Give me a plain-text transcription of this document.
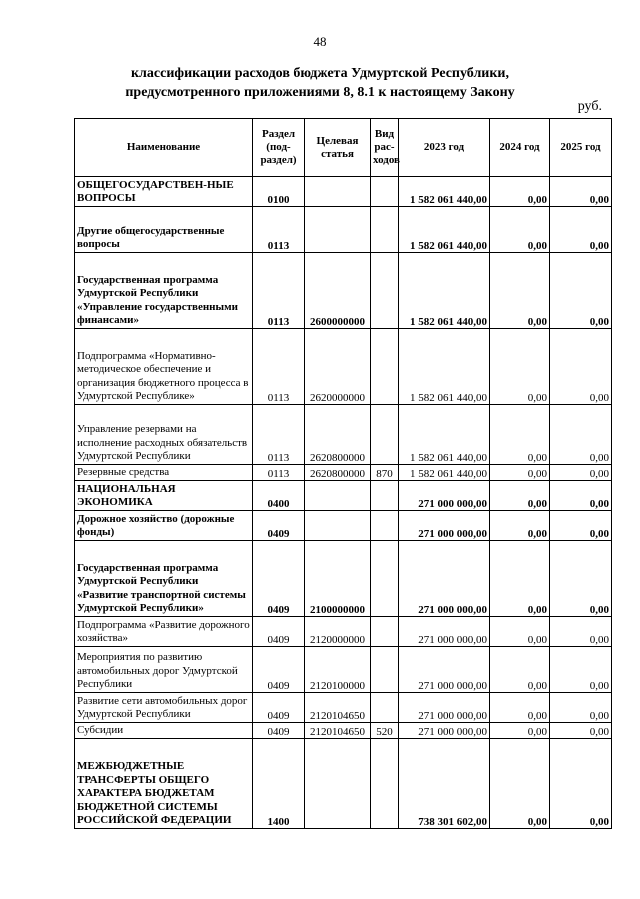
48
классификации расходов бюджета Удмуртской Республики,
предусмотренного приложениями 8, 8.1 к настоящему Закону
руб.
Наименование	Раздел (под-раздел)	Целевая статья	Вид рас-ходов	2023 год	2024 год	2025 год
ОБЩЕГОСУДАРСТВЕН-НЫЕ ВОПРОСЫ	0100			1 582 061 440,00	0,00	0,00
Другие общегосударственные вопросы	0113			1 582 061 440,00	0,00	0,00
Государственная программа Удмуртской Республики «Управление государственными финансами»	0113	2600000000		1 582 061 440,00	0,00	0,00
Подпрограмма «Нормативно-методическое обеспечение и организация бюджетного процесса в Удмуртской Республике»	0113	2620000000		1 582 061 440,00	0,00	0,00
Управление резервами на исполнение расходных обязательств Удмуртской Республики	0113	2620800000		1 582 061 440,00	0,00	0,00
Резервные средства	0113	2620800000	870	1 582 061 440,00	0,00	0,00
НАЦИОНАЛЬНАЯ ЭКОНОМИКА	0400			271 000 000,00	0,00	0,00
Дорожное хозяйство (дорожные фонды)	0409			271 000 000,00	0,00	0,00
Государственная программа Удмуртской Республики «Развитие транспортной системы Удмуртской Республики»	0409	2100000000		271 000 000,00	0,00	0,00
Подпрограмма «Развитие дорожного хозяйства»	0409	2120000000		271 000 000,00	0,00	0,00
Мероприятия по развитию автомобильных дорог Удмуртской Республики	0409	2120100000		271 000 000,00	0,00	0,00
Развитие сети автомобильных дорог Удмуртской Республики	0409	2120104650		271 000 000,00	0,00	0,00
Субсидии	0409	2120104650	520	271 000 000,00	0,00	0,00
МЕЖБЮДЖЕТНЫЕ ТРАНСФЕРТЫ ОБЩЕГО ХАРАКТЕРА БЮДЖЕТАМ БЮДЖЕТНОЙ СИСТЕМЫ РОССИЙСКОЙ ФЕДЕРАЦИИ	1400			738 301 602,00	0,00	0,00
